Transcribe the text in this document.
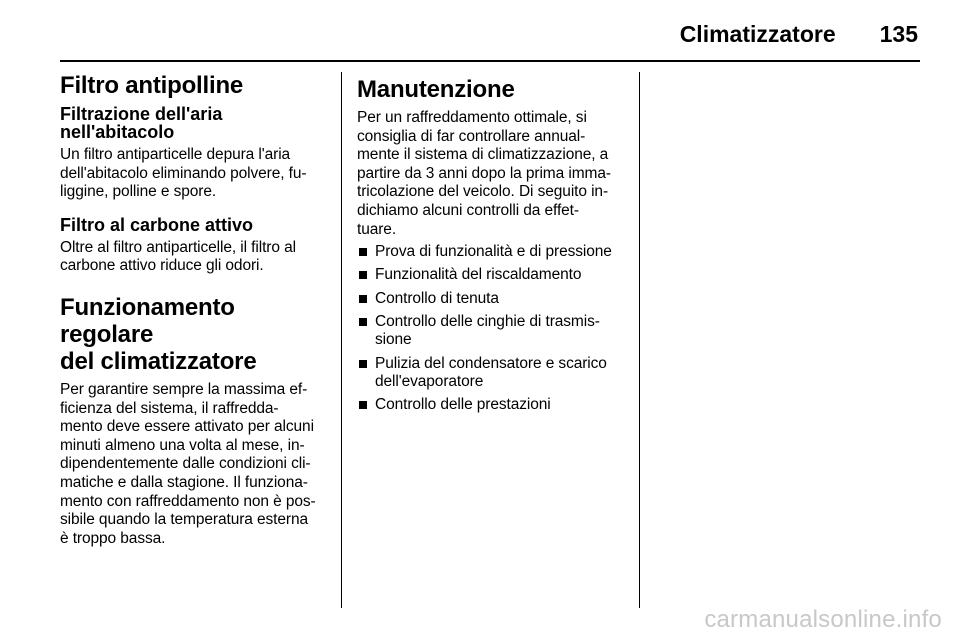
Climatizzatore 135
Filtro antipolline
Filtrazione dell'aria
nell'abitacolo

Un filtro antiparticelle depura l'aria
dell'abitacolo eliminando polvere, fu-
liggine, polline e spore.

Filtro al carbone attivo

Oltre al filtro antiparticelle, il filtro al
carbone attivo riduce gli odori.

Funzionamento regolare
del climatizzatore

Per garantire sempre la massima ef-
ficienza del sistema, il raffredda-
mento deve essere attivato per alcuni
minuti almeno una volta al mese, in-
dipendentemente dalle condizioni cli-
matiche e dalla stagione. Il funziona-
mento con raffreddamento non è pos-
sibile quando la temperatura esterna
è troppo bassa.

Manutenzione

Per un raffreddamento ottimale, si
consiglia di far controllare annual-
mente il sistema di climatizzazione, a
partire da 3 anni dopo la prima imma-
tricolazione del veicolo. Di seguito in-
dichiamo alcuni controlli da effet-
tuare.

Prova di funzionalità e di pressione
Funzionalità del riscaldamento
Controllo di tenuta
Controllo delle cinghie di trasmis-
sione
Pulizia del condensatore e scarico
dell'evaporatore
Controllo delle prestazioni
carmanualsonline.info
